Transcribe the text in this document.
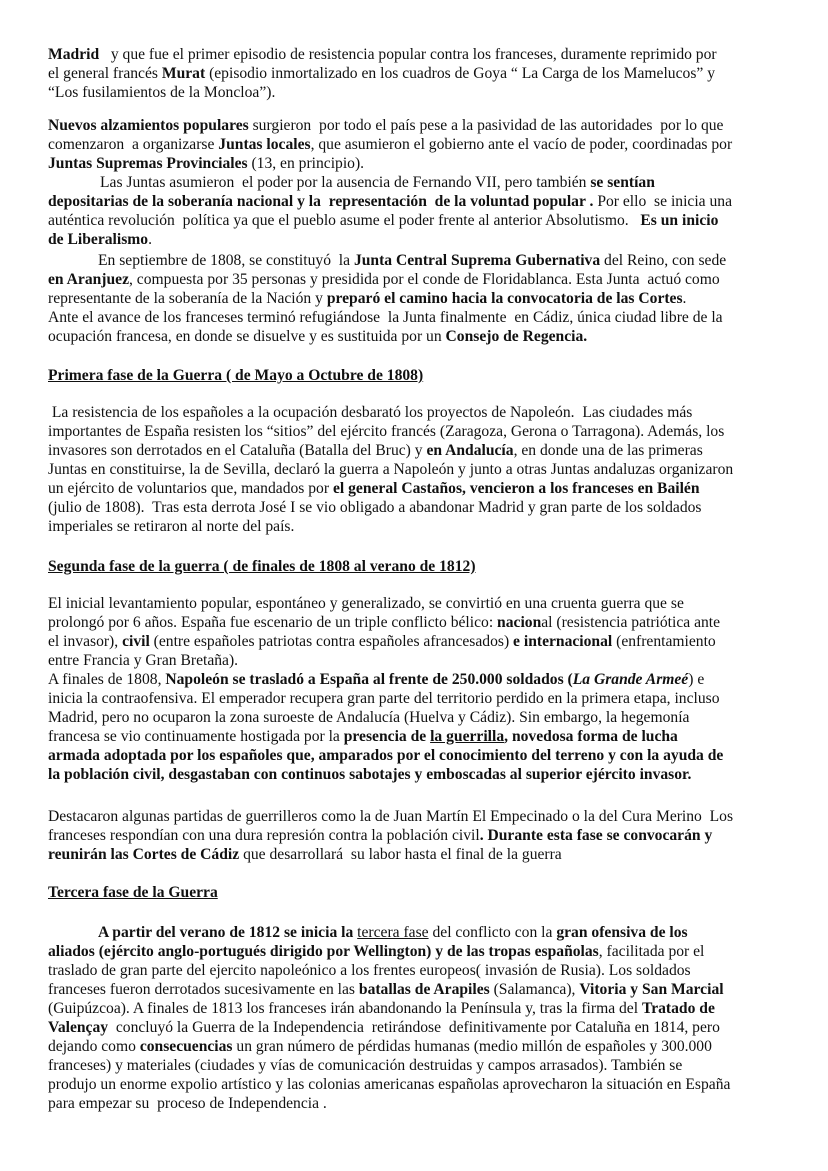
Madrid   y que fue el primer episodio de resistencia popular contra los franceses, duramente reprimido por
el general francés Murat (episodio inmortalizado en los cuadros de Goya “ La Carga de los Mamelucos” y
“Los fusilamientos de la Moncloa”).
Nuevos alzamientos populares surgieron  por todo el país pese a la pasividad de las autoridades  por lo que
comenzaron  a organizarse Juntas locales, que asumieron el gobierno ante el vacío de poder, coordinadas por
Juntas Supremas Provinciales (13, en principio).
Las Juntas asumieron  el poder por la ausencia de Fernando VII, pero también se sentían
depositarias de la soberanía nacional y la  representación  de la voluntad popular . Por ello  se inicia una
auténtica revolución  política ya que el pueblo asume el poder frente al anterior Absolutismo.   Es un inicio
de Liberalismo.
En septiembre de 1808, se constituyó  la Junta Central Suprema Gubernativa del Reino, con sede
en Aranjuez, compuesta por 35 personas y presidida por el conde de Floridablanca. Esta Junta  actuó como
representante de la soberanía de la Nación y preparó el camino hacia la convocatoria de las Cortes.
Ante el avance de los franceses terminó refugiándose  la Junta finalmente  en Cádiz, única ciudad libre de la
ocupación francesa, en donde se disuelve y es sustituida por un Consejo de Regencia.
Primera fase de la Guerra ( de Mayo a Octubre de 1808)
La resistencia de los españoles a la ocupación desbarató los proyectos de Napoleón.  Las ciudades más
importantes de España resisten los “sitios” del ejército francés (Zaragoza, Gerona o Tarragona). Además, los
invasores son derrotados en el Cataluña (Batalla del Bruc) y en Andalucía, en donde una de las primeras
Juntas en constituirse, la de Sevilla, declaró la guerra a Napoleón y junto a otras Juntas andaluzas organizaron
un ejército de voluntarios que, mandados por el general Castaños, vencieron a los franceses en Bailén
(julio de 1808).  Tras esta derrota José I se vio obligado a abandonar Madrid y gran parte de los soldados
imperiales se retiraron al norte del país.
Segunda fase de la guerra ( de finales de 1808 al verano de 1812)
El inicial levantamiento popular, espontáneo y generalizado, se convirtió en una cruenta guerra que se
prolongó por 6 años. España fue escenario de un triple conflicto bélico: nacional (resistencia patriótica ante
el invasor), civil (entre españoles patriotas contra españoles afrancesados) e internacional (enfrentamiento
entre Francia y Gran Bretaña).
A finales de 1808, Napoleón se trasladó a España al frente de 250.000 soldados (La Grande Armeé) e
inicia la contraofensiva. El emperador recupera gran parte del territorio perdido en la primera etapa, incluso
Madrid, pero no ocuparon la zona suroeste de Andalucía (Huelva y Cádiz). Sin embargo, la hegemonía
francesa se vio continuamente hostigada por la presencia de la guerrilla, novedosa forma de lucha
armada adoptada por los españoles que, amparados por el conocimiento del terreno y con la ayuda de
la población civil, desgastaban con continuos sabotajes y emboscadas al superior ejército invasor.
Destacaron algunas partidas de guerrilleros como la de Juan Martín El Empecinado o la del Cura Merino  Los
franceses respondían con una dura represión contra la población civil. Durante esta fase se convocarán y
reunirán las Cortes de Cádiz que desarrollará  su labor hasta el final de la guerra
Tercera fase de la Guerra
A partir del verano de 1812 se inicia la tercera fase del conflicto con la gran ofensiva de los
aliados (ejército anglo-portugués dirigido por Wellington) y de las tropas españolas, facilitada por el
traslado de gran parte del ejercito napoleónico a los frentes europeos( invasión de Rusia). Los soldados
franceses fueron derrotados sucesivamente en las batallas de Arapiles (Salamanca), Vitoria y San Marcial
(Guipúzcoa). A finales de 1813 los franceses irán abandonando la Península y, tras la firma del Tratado de
Valençay  concluyó la Guerra de la Independencia  retirándose  definitivamente por Cataluña en 1814, pero
dejando como consecuencias un gran número de pérdidas humanas (medio millón de españoles y 300.000
franceses) y materiales (ciudades y vías de comunicación destruidas y campos arrasados). También se
produjo un enorme expolio artístico y las colonias americanas españolas aprovecharon la situación en España
para empezar su  proceso de Independencia .
